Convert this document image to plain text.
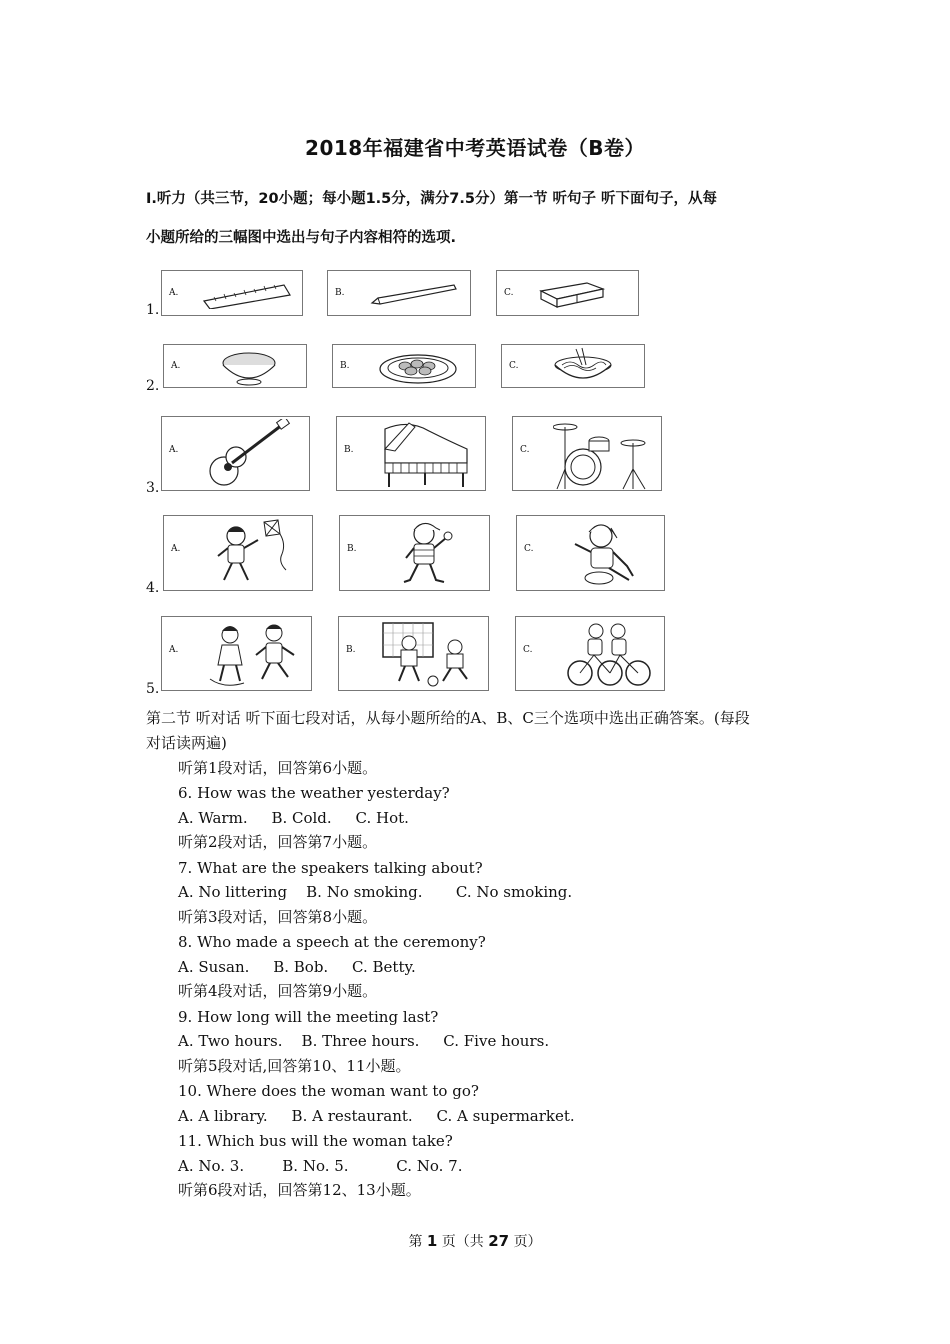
2018年福建省中考英语试卷（B卷）
I.听力（共三节，20小题；每小题1.5分，满分7.5分）第一节 听句子 听下面句子，从每
小题所给的三幅图中选出与句子内容相符的选项.
1.
A.	B.	C.
2.
A.	B.	C.
3.
A.	B.	C.
4.
A.	B.	C.
5.
A.	B.	C.
第二节 听对话 听下面七段对话，从每小题所给的A、B、C三个选项中选出正确答案。(每段
对话读两遍)
听第1段对话，回答第6小题。
6. How was the weather yesterday?
A. Warm. B. Cold. C. Hot.
听第2段对话，回答第7小题。
7. What are the speakers talking about?
A. No littering B. No smoking. C. No smoking.
听第3段对话，回答第8小题。
8. Who made a speech at the ceremony?
A. Susan. B. Bob. C. Betty.
听第4段对话，回答第9小题。
9. How long will the meeting last?
A. Two hours. B. Three hours. C. Five hours.
听第5段对话,回答第10、11小题。
10. Where does the woman want to go?
A. A library. B. A restaurant. C. A supermarket.
11. Which bus will the woman take?
A. No. 3.	B. No. 5.	C. No. 7.
听第6段对话，回答第12、13小题。
第 1 页（共 27 页）
